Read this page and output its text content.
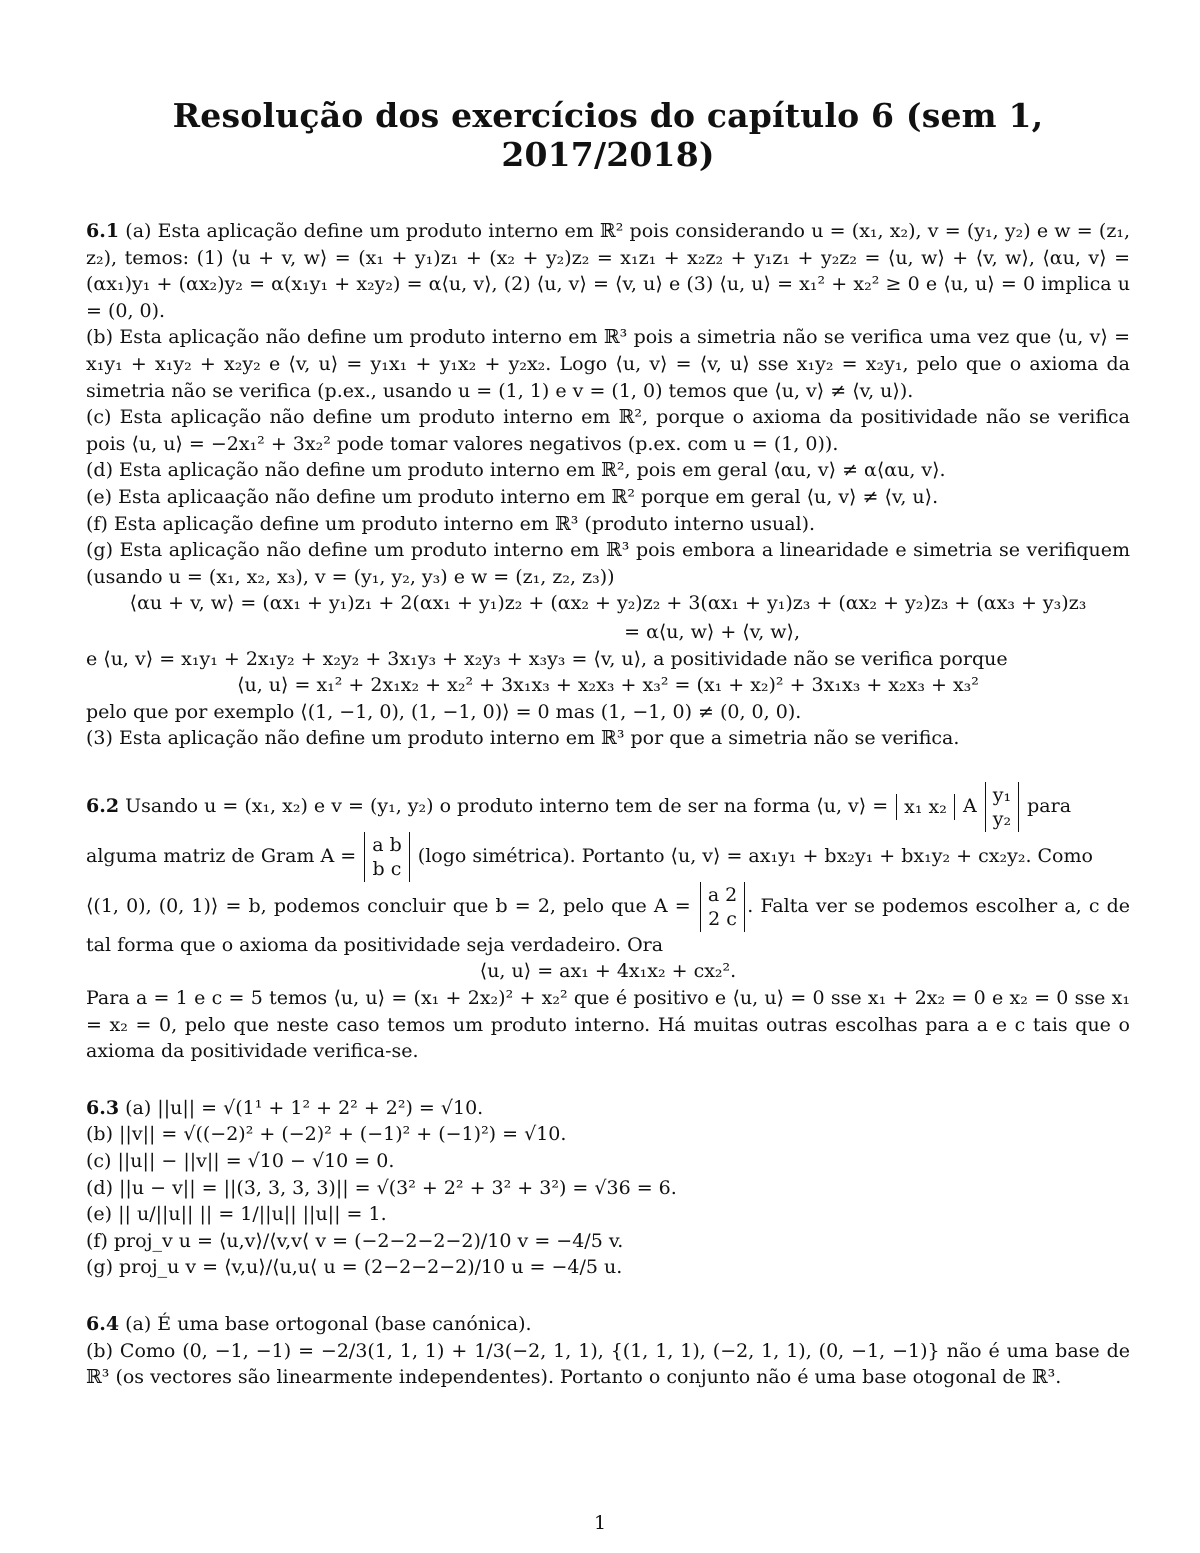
Resolução dos exercícios do capítulo 6 (sem 1, 2017/2018)

6.1 (a) Esta aplicação define um produto interno em ℝ² pois considerando u = (x₁, x₂), v = (y₁, y₂) e w = (z₁, z₂), temos: (1) ⟨u + v, w⟩ = (x₁ + y₁)z₁ + (x₂ + y₂)z₂ = x₁z₁ + x₂z₂ + y₁z₁ + y₂z₂ = ⟨u, w⟩ + ⟨v, w⟩, ⟨αu, v⟩ = (αx₁)y₁ + (αx₂)y₂ = α(x₁y₁ + x₂y₂) = α⟨u, v⟩, (2) ⟨u, v⟩ = ⟨v, u⟩ e (3) ⟨u, u⟩ = x₁² + x₂² ≥ 0 e ⟨u, u⟩ = 0 implica u = (0, 0).

(b) Esta aplicação não define um produto interno em ℝ³ pois a simetria não se verifica uma vez que ⟨u, v⟩ = x₁y₁ + x₁y₂ + x₂y₂ e ⟨v, u⟩ = y₁x₁ + y₁x₂ + y₂x₂. Logo ⟨u, v⟩ = ⟨v, u⟩ sse x₁y₂ = x₂y₁, pelo que o axioma da simetria não se verifica (p.ex., usando u = (1, 1) e v = (1, 0) temos que ⟨u, v⟩ ≠ ⟨v, u⟩).

(c) Esta aplicação não define um produto interno em ℝ², porque o axioma da positividade não se verifica pois ⟨u, u⟩ = −2x₁² + 3x₂² pode tomar valores negativos (p.ex. com u = (1, 0)).

(d) Esta aplicação não define um produto interno em ℝ², pois em geral ⟨αu, v⟩ ≠ α⟨αu, v⟩.

(e) Esta aplicaação não define um produto interno em ℝ² porque em geral ⟨u, v⟩ ≠ ⟨v, u⟩.

(f) Esta aplicação define um produto interno em ℝ³ (produto interno usual).

(g) Esta aplicação não define um produto interno em ℝ³ pois embora a linearidade e simetria se verifiquem (usando u = (x₁, x₂, x₃), v = (y₁, y₂, y₃) e w = (z₁, z₂, z₃))

⟨αu + v, w⟩ = (αx₁ + y₁)z₁ + 2(αx₁ + y₁)z₂ + (αx₂ + y₂)z₂ + 3(αx₁ + y₁)z₃ + (αx₂ + y₂)z₃ + (αx₃ + y₃)z₃

= α⟨u, w⟩ + ⟨v, w⟩,

e ⟨u, v⟩ = x₁y₁ + 2x₁y₂ + x₂y₂ + 3x₁y₃ + x₂y₃ + x₃y₃ = ⟨v, u⟩, a positividade não se verifica porque

⟨u, u⟩ = x₁² + 2x₁x₂ + x₂² + 3x₁x₃ + x₂x₃ + x₃² = (x₁ + x₂)² + 3x₁x₃ + x₂x₃ + x₃²

pelo que por exemplo ⟨(1, −1, 0), (1, −1, 0)⟩ = 0 mas (1, −1, 0) ≠ (0, 0, 0).

(3) Esta aplicação não define um produto interno em ℝ³ por que a simetria não se verifica.

6.2 Usando u = (x₁, x₂) e v = (y₁, y₂) o produto interno tem de ser na forma ⟨u, v⟩ = x₁ x₂ A y₁
y₂ para

alguma matriz de Gram A = a b
b c (logo simétrica). Portanto ⟨u, v⟩ = ax₁y₁ + bx₂y₁ + bx₁y₂ + cx₂y₂. Como

⟨(1, 0), (0, 1)⟩ = b, podemos concluir que b = 2, pelo que A = a 2
2 c. Falta ver se podemos escolher a, c de tal forma que o axioma da positividade seja verdadeiro. Ora

⟨u, u⟩ = ax₁ + 4x₁x₂ + cx₂².

Para a = 1 e c = 5 temos ⟨u, u⟩ = (x₁ + 2x₂)² + x₂² que é positivo e ⟨u, u⟩ = 0 sse x₁ + 2x₂ = 0 e x₂ = 0 sse x₁ = x₂ = 0, pelo que neste caso temos um produto interno. Há muitas outras escolhas para a e c tais que o axioma da positividade verifica-se.

6.3 (a) ||u|| = √(1¹ + 1² + 2² + 2²) = √10.

(b) ||v|| = √((−2)² + (−2)² + (−1)² + (−1)²) = √10.

(c) ||u|| − ||v|| = √10 − √10 = 0.

(d) ||u − v|| = ||(3, 3, 3, 3)|| = √(3² + 2² + 3² + 3²) = √36 = 6.

(e) || u/||u|| || = 1/||u|| ||u|| = 1.

(f) proj_v u = ⟨u,v⟩/⟨v,v⟨ v = (−2−2−2−2)/10 v = −4/5 v.

(g) proj_u v = ⟨v,u⟩/⟨u,u⟨ u = (2−2−2−2)/10 u = −4/5 u.

6.4 (a) É uma base ortogonal (base canónica).

(b) Como (0, −1, −1) = −2/3(1, 1, 1) + 1/3(−2, 1, 1), {(1, 1, 1), (−2, 1, 1), (0, −1, −1)} não é uma base de ℝ³ (os vectores são linearmente independentes). Portanto o conjunto não é uma base otogonal de ℝ³.

1
